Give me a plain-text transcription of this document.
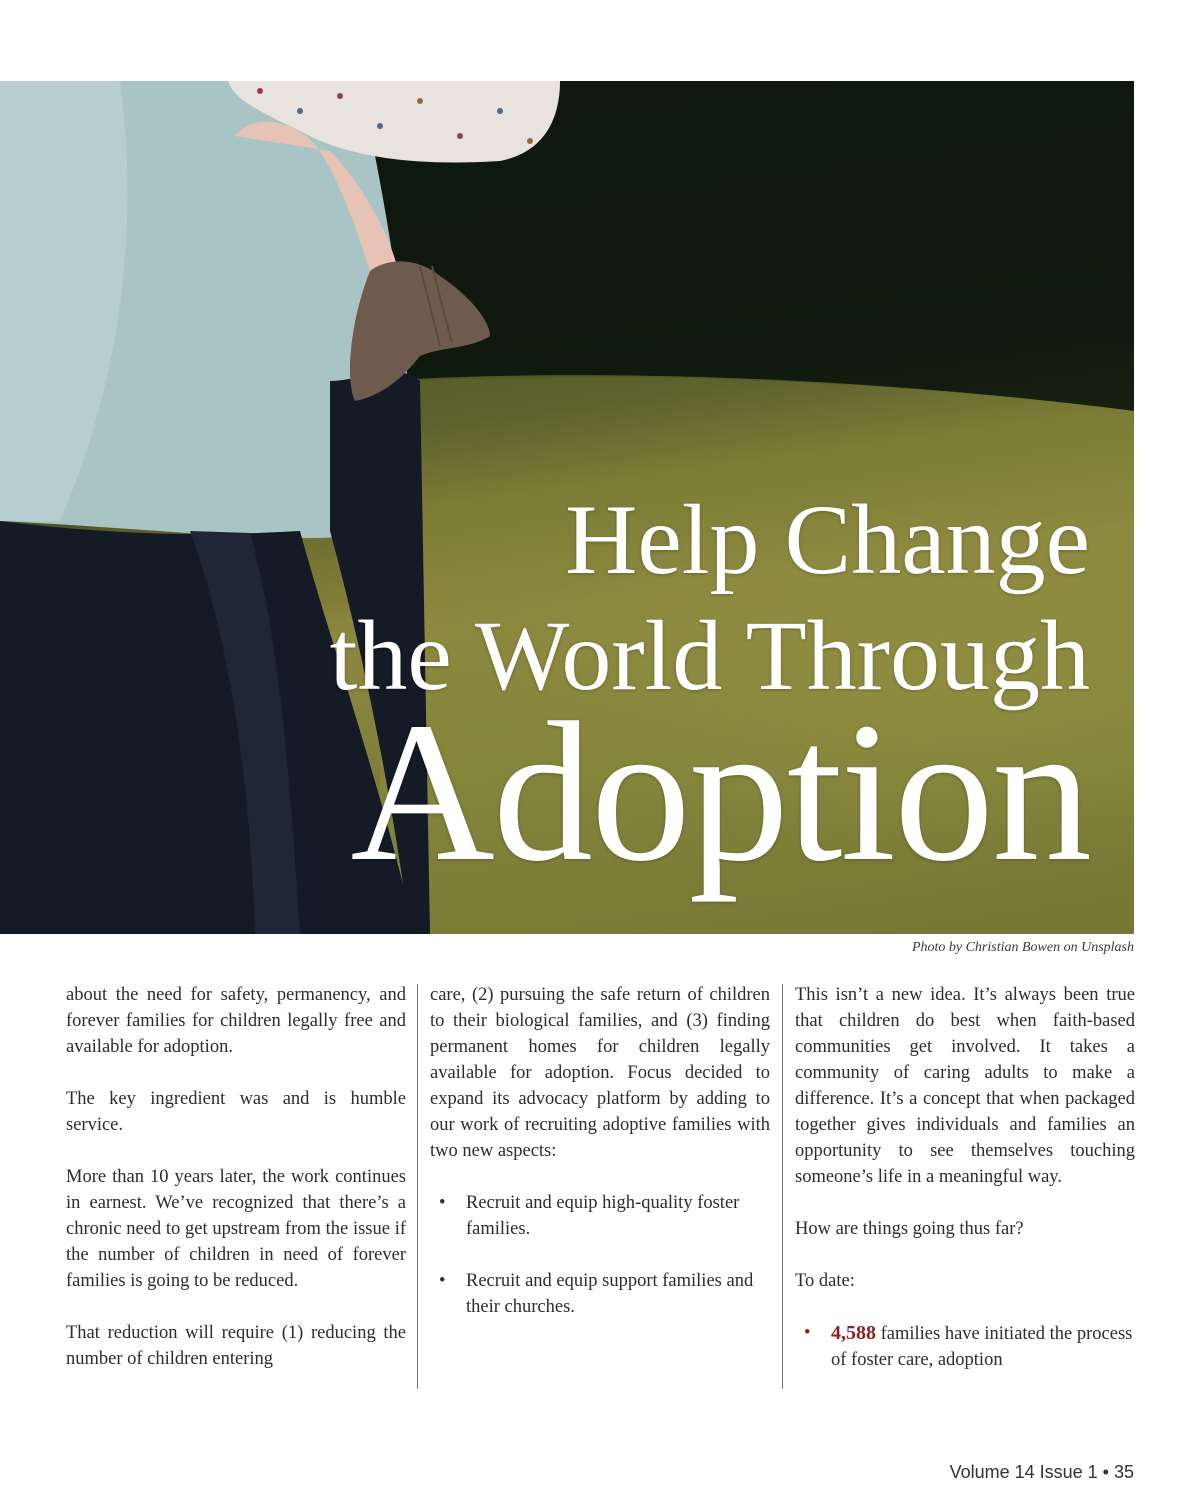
Help Change
the World Through
Adoption
Photo by Christian Bowen on Unsplash

about the need for safety, permanency, and forever families for children legally free and available for adoption.

The key ingredient was and is humble service.

More than 10 years later, the work continues in earnest. We’ve recognized that there’s a chronic need to get upstream from the issue if the number of children in need of forever families is going to be reduced.

That reduction will require (1) reducing the number of children entering

care, (2) pursuing the safe return of children to their biological families, and (3) finding permanent homes for children legally available for adoption. Focus decided to expand its advocacy platform by adding to our work of recruiting adoptive families with two new aspects:

• Recruit and equip high-quality foster families.
• Recruit and equip support families and their churches.

This isn’t a new idea. It’s always been true that children do best when faith-based communities get involved. It takes a community of caring adults to make a difference. It’s a concept that when packaged together gives individuals and families an opportunity to see themselves touching someone’s life in a meaningful way.

How are things going thus far?

To date:

• 4,588 families have initiated the process of foster care, adoption
Volume 14 Issue 1 • 35
